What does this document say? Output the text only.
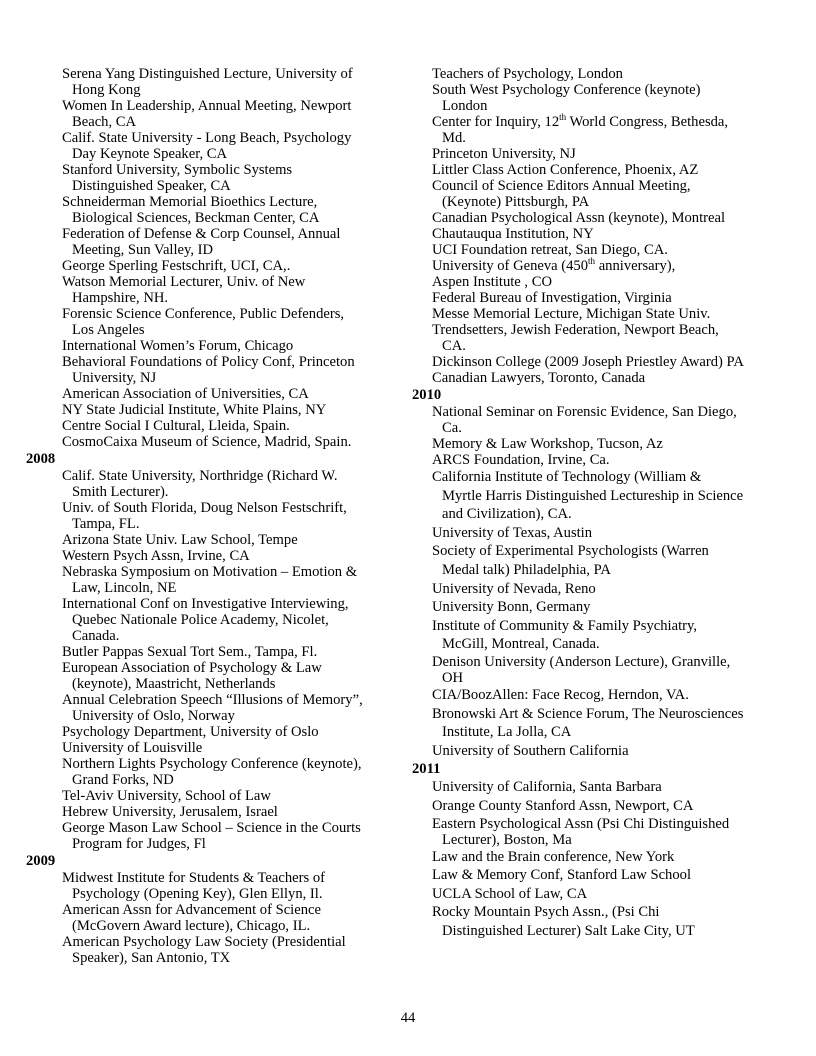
Serena Yang Distinguished Lecture, University of Hong Kong
Women In Leadership, Annual Meeting, Newport Beach, CA
Calif. State University - Long Beach, Psychology Day Keynote Speaker, CA
Stanford University, Symbolic Systems Distinguished Speaker, CA
Schneiderman Memorial Bioethics Lecture, Biological Sciences, Beckman Center, CA
Federation of Defense & Corp Counsel, Annual Meeting, Sun Valley, ID
George Sperling Festschrift, UCI, CA,.
Watson Memorial Lecturer, Univ. of New Hampshire, NH.
Forensic Science Conference, Public Defenders, Los Angeles
International Women’s Forum, Chicago
Behavioral Foundations of Policy Conf, Princeton University, NJ
American Association of Universities, CA
NY State Judicial Institute, White Plains, NY
Centre Social I Cultural, Lleida, Spain.
CosmoCaixa Museum of Science, Madrid, Spain.
2008
Calif. State University, Northridge (Richard W. Smith Lecturer).
Univ. of South Florida, Doug Nelson Festschrift, Tampa, FL.
Arizona State Univ. Law School, Tempe
Western Psych Assn, Irvine, CA
Nebraska Symposium on Motivation – Emotion & Law, Lincoln, NE
International Conf on Investigative Interviewing, Quebec Nationale Police Academy, Nicolet, Canada.
Butler Pappas Sexual Tort Sem., Tampa, Fl.
European Association of Psychology & Law (keynote), Maastricht, Netherlands
Annual Celebration Speech “Illusions of Memory”, University of Oslo, Norway
Psychology Department, University of Oslo
University of Louisville
Northern Lights Psychology Conference (keynote), Grand Forks, ND
Tel-Aviv University, School of Law
Hebrew University, Jerusalem, Israel
George Mason Law School – Science in the Courts Program for Judges, Fl
2009
Midwest Institute for Students & Teachers of Psychology (Opening Key), Glen Ellyn, Il.
American Assn for Advancement of Science (McGovern Award lecture), Chicago, IL.
American Psychology Law Society (Presidential Speaker), San Antonio, TX
Teachers of Psychology, London
South West Psychology Conference (keynote) London
Center for Inquiry, 12th World Congress, Bethesda, Md.
Princeton University, NJ
Littler Class Action Conference, Phoenix, AZ
Council of Science Editors Annual Meeting, (Keynote) Pittsburgh, PA
Canadian Psychological Assn (keynote), Montreal
Chautauqua Institution, NY
UCI Foundation retreat, San Diego, CA.
University of Geneva (450th anniversary),
Aspen Institute , CO
Federal Bureau of Investigation, Virginia
Messe Memorial Lecture, Michigan State Univ.
Trendsetters, Jewish Federation, Newport Beach, CA.
Dickinson College (2009 Joseph Priestley Award) PA
Canadian Lawyers, Toronto, Canada
2010
National Seminar on Forensic Evidence, San Diego, Ca.
Memory & Law Workshop, Tucson, Az
ARCS Foundation, Irvine, Ca.
California Institute of Technology (William & Myrtle Harris Distinguished Lectureship in Science and Civilization), CA.
University of Texas, Austin
Society of Experimental Psychologists (Warren Medal talk) Philadelphia, PA
University of Nevada, Reno
University Bonn, Germany
Institute of Community & Family Psychiatry, McGill, Montreal, Canada.
Denison University (Anderson Lecture), Granville, OH
CIA/BoozAllen: Face Recog, Herndon, VA.
Bronowski Art & Science Forum, The Neurosciences Institute, La Jolla, CA
University of Southern California
2011
University of California, Santa Barbara
Orange County Stanford Assn, Newport, CA
Eastern Psychological Assn (Psi Chi Distinguished Lecturer), Boston, Ma
Law and the Brain conference, New York
Law & Memory Conf, Stanford Law School
UCLA School of Law, CA
Rocky Mountain Psych Assn., (Psi Chi Distinguished Lecturer) Salt Lake City, UT
44
